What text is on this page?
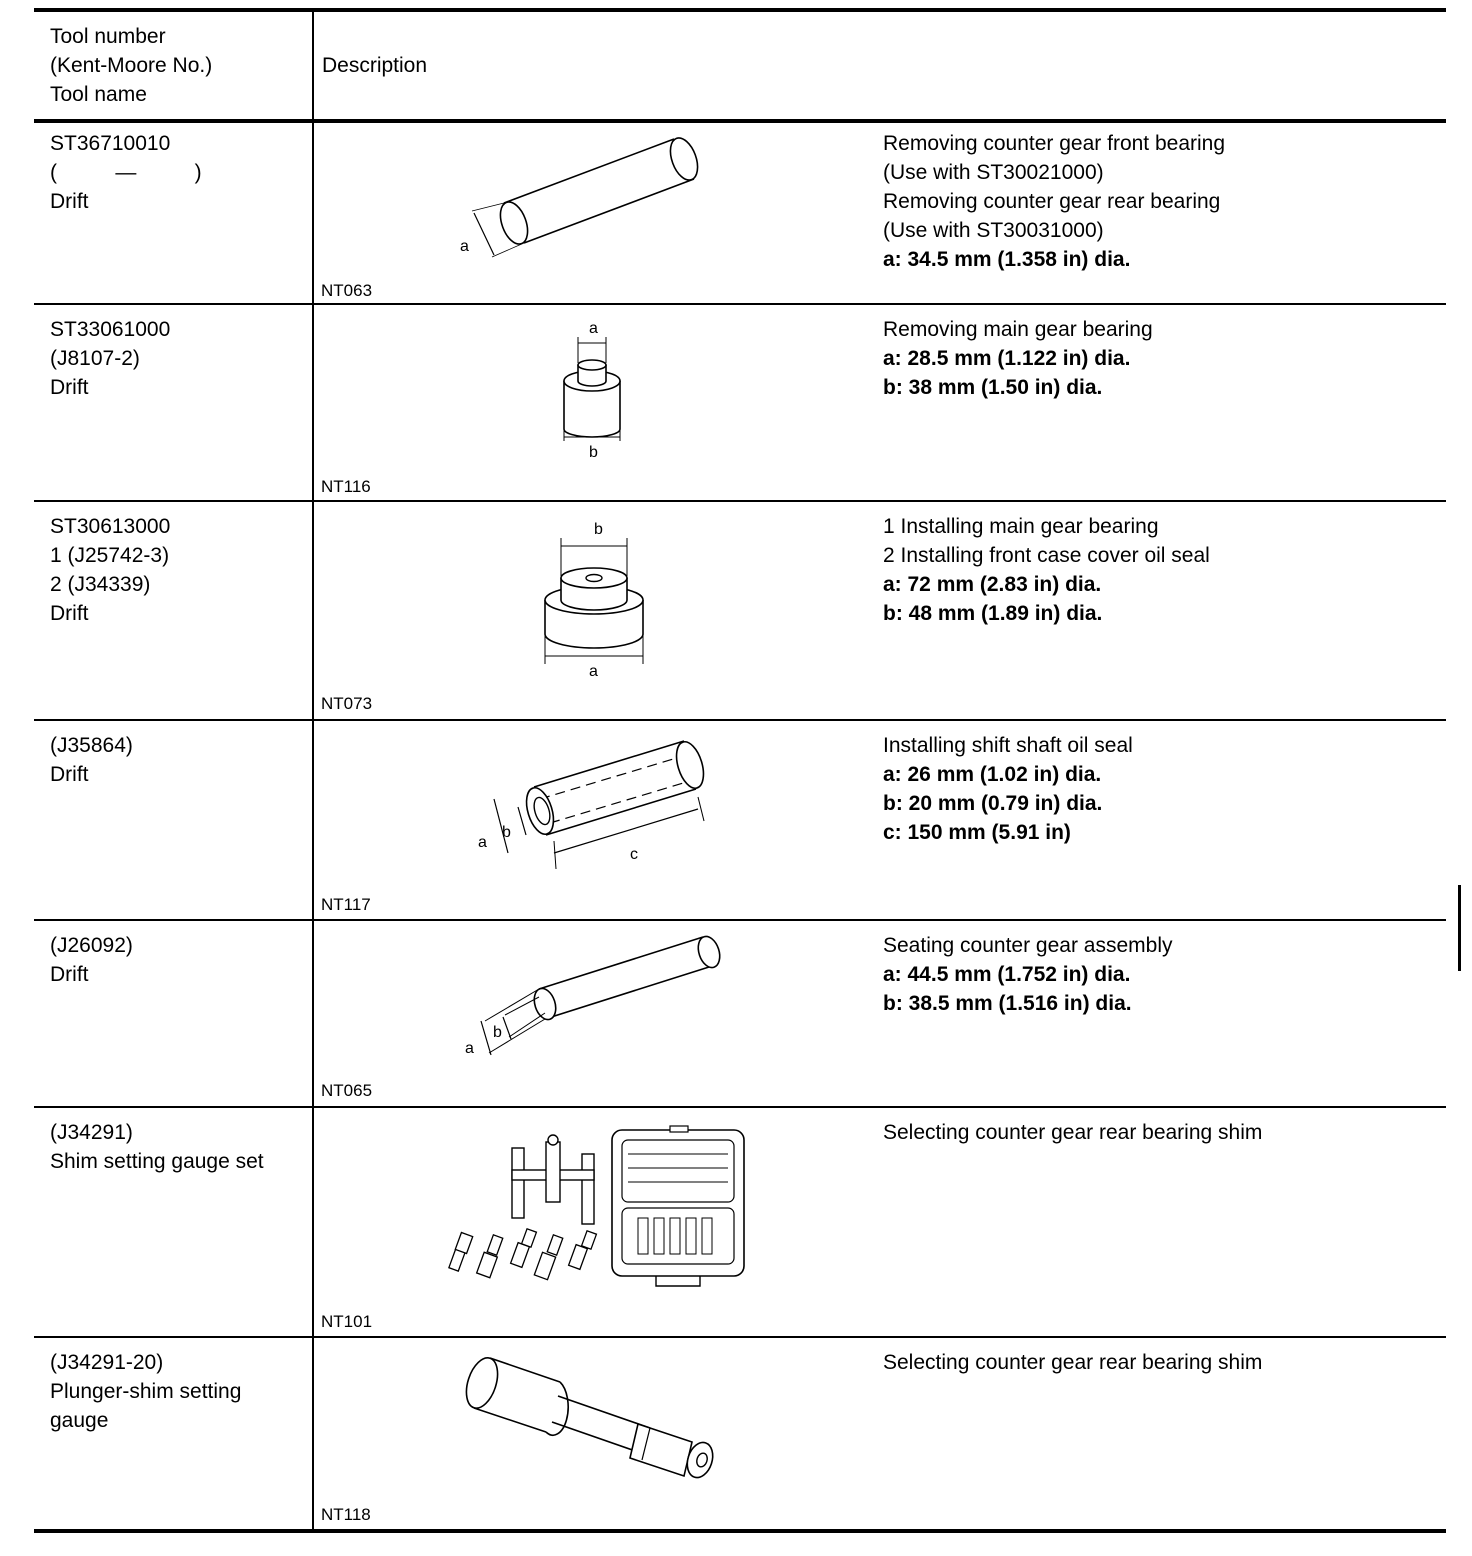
Tool number
(Kent-Moore No.)
Tool name
Description
ST36710010
(          —          )
Drift
a
NT063
Removing counter gear front bearing
(Use with ST30021000)
Removing counter gear rear bearing
(Use with ST30031000)
a: 34.5 mm (1.358 in) dia.
ST33061000
(J8107-2)
Drift
a
b
NT116
Removing main gear bearing
a: 28.5 mm (1.122 in) dia.
b: 38 mm (1.50 in) dia.
ST30613000
1 (J25742-3)
2 (J34339)
Drift
b
a
NT073
1 Installing main gear bearing
2 Installing front case cover oil seal
a: 72 mm (2.83 in) dia.
b: 48 mm (1.89 in) dia.
(J35864)
Drift
a
b
c
NT117
Installing shift shaft oil seal
a: 26 mm (1.02 in) dia.
b: 20 mm (0.79 in) dia.
c: 150 mm (5.91 in)
(J26092)
Drift
a
b
NT065
Seating counter gear assembly
a: 44.5 mm (1.752 in) dia.
b: 38.5 mm (1.516 in) dia.
(J34291)
Shim setting gauge set
NT101
Selecting counter gear rear bearing shim
(J34291-20)
Plunger-shim setting
gauge
NT118
Selecting counter gear rear bearing shim
